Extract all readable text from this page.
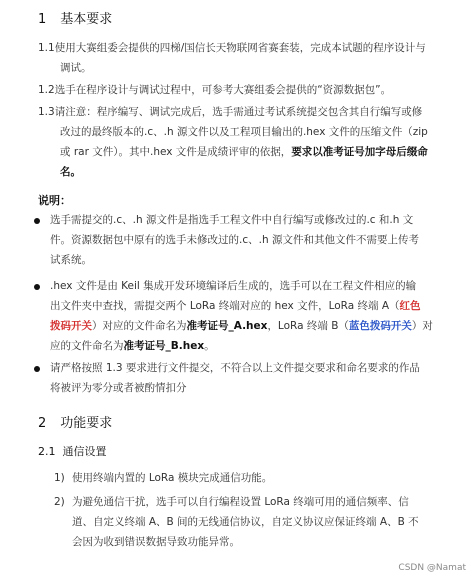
1 基本要求
1.1使用大赛组委会提供的四梯/国信长天物联网省赛套装，完成本试题的程序设计与
调试。
1.2选手在程序设计与调试过程中，可参考大赛组委会提供的“资源数据包”。
1.3请注意：程序编写、调试完成后，选手需通过考试系统提交包含其自行编写或修
改过的最终版本的.c、.h 源文件以及工程项目输出的.hex 文件的压缩文件（zip
或 rar 文件）。其中.hex 文件是成绩评审的依据，要求以准考证号加字母后缀命
名。
说明：
选手需提交的.c、.h 源文件是指选手工程文件中自行编写或修改过的.c 和.h 文
件。资源数据包中原有的选手未修改过的.c、.h 源文件和其他文件不需要上传考
试系统。
.hex 文件是由 Keil 集成开发环境编译后生成的，选手可以在工程文件相应的输
出文件夹中查找，需提交两个 LoRa 终端对应的 hex 文件，LoRa 终端 A（红色
拨码开关）对应的文件命名为准考证号_A.hex，LoRa 终端 B（蓝色拨码开关）对
应的文件命名为准考证号_B.hex。
请严格按照 1.3 要求进行文件提交，不符合以上文件提交要求和命名要求的作品
将被评为零分或者被酌情扣分
2 功能要求
2.1 通信设置
1) 使用终端内置的 LoRa 模块完成通信功能。
2) 为避免通信干扰，选手可以自行编程设置 LoRa 终端可用的通信频率、信
道、自定义终端 A、B 间的无线通信协议，自定义协议应保证终端 A、B 不
会因为收到错误数据导致功能异常。
CSDN @Namat
